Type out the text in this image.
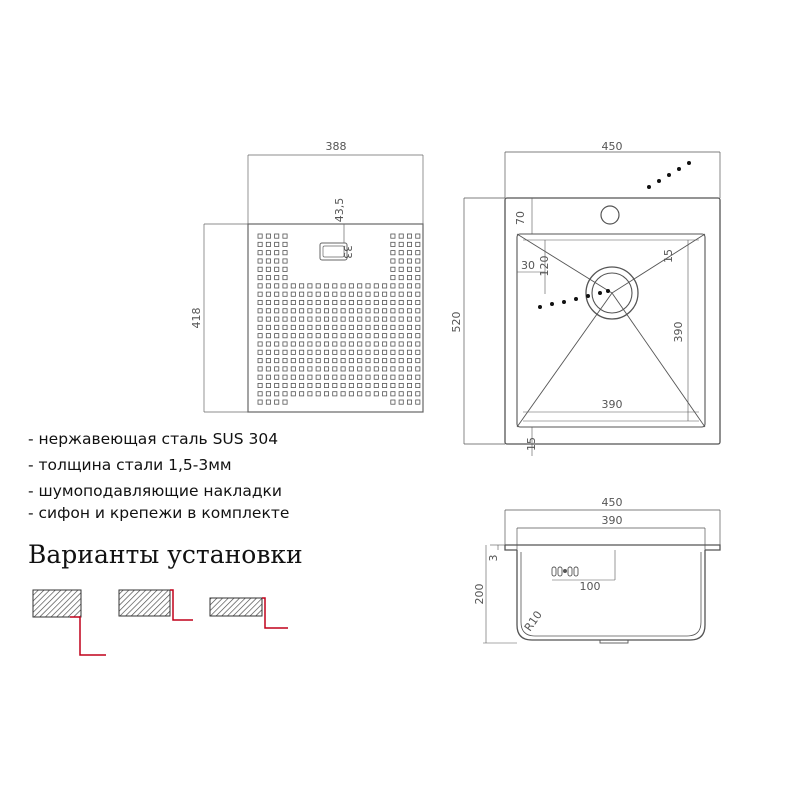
388
418
43,5
33
450
520
70
30 120	15
390
390
15
450
390
3
200	100
R10
- нержавеющая сталь SUS 304
- толщина стали 1,5-3мм
- шумоподавляющие накладки
- сифон и крепежи в комплекте
Варианты установки
